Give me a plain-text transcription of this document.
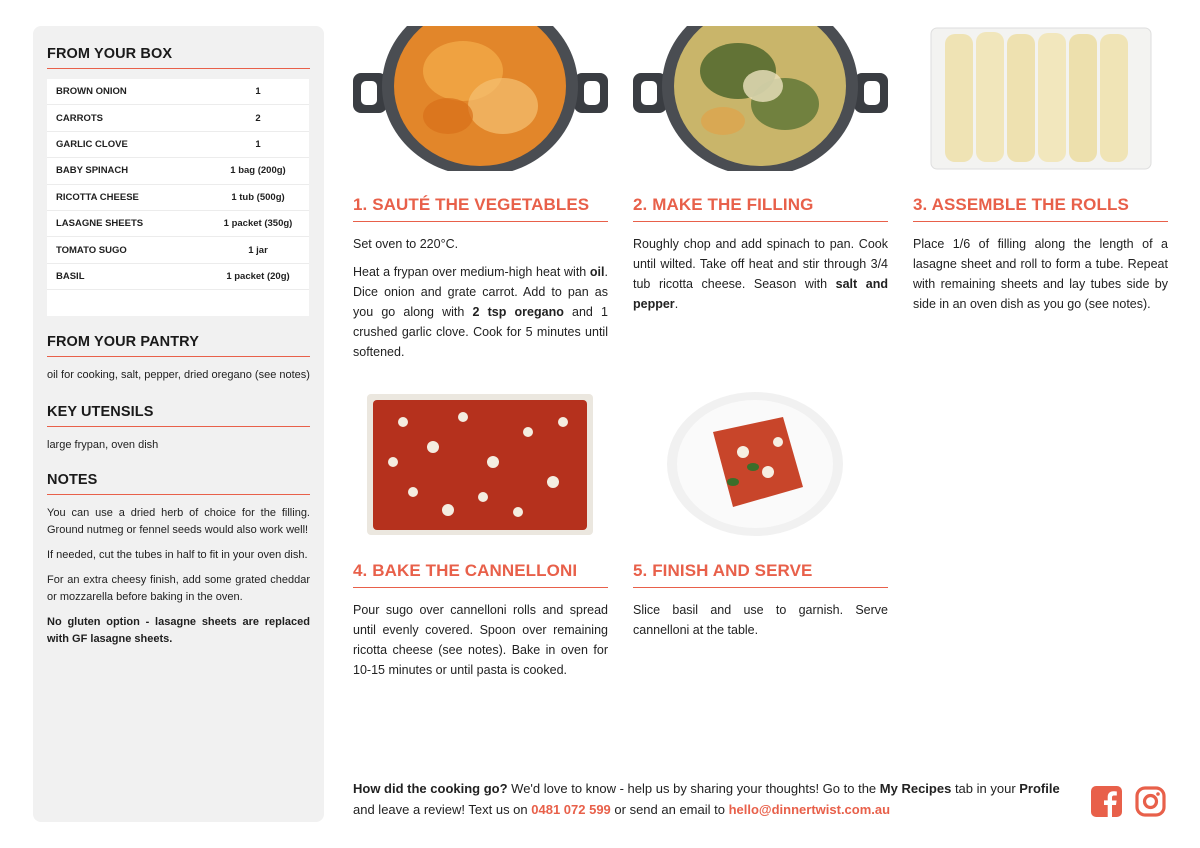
FROM YOUR BOX
BROWN ONION	1
CARROTS	2
GARLIC CLOVE	1
BABY SPINACH	1 bag (200g)
RICOTTA CHEESE	1 tub (500g)
LASAGNE SHEETS	1 packet (350g)
TOMATO SUGO	1 jar
BASIL	1 packet (20g)
FROM YOUR PANTRY
oil for cooking, salt, pepper, dried oregano (see notes)
KEY UTENSILS
large frypan, oven dish
NOTES

You can use a dried herb of choice for the filling. Ground nutmeg or fennel seeds would also work well!

If needed, cut the tubes in half to fit in your oven dish.

For an extra cheesy finish, add some grated cheddar or mozzarella before baking in the oven.

No gluten option - lasagne sheets are replaced with GF lasagne sheets.

1. SAUTÉ THE VEGETABLES

Set oven to 220°C.

Heat a frypan over medium-high heat with oil. Dice onion and grate carrot. Add to pan as you go along with 2 tsp oregano and 1 crushed garlic clove. Cook for 5 minutes until softened.

2. MAKE THE FILLING

Roughly chop and add spinach to pan. Cook until wilted. Take off heat and stir through 3/4 tub ricotta cheese. Season with salt and pepper.

3. ASSEMBLE THE ROLLS

Place 1/6 of filling along the length of a lasagne sheet and roll to form a tube. Repeat with remaining sheets and lay tubes side by side in an oven dish as you go (see notes).

4. BAKE THE CANNELLONI

Pour sugo over cannelloni rolls and spread until evenly covered. Spoon over remaining ricotta cheese (see notes). Bake in oven for 10-15 minutes or until pasta is cooked.

5. FINISH AND SERVE

Slice basil and use to garnish. Serve cannelloni at the table.

How did the cooking go? We'd love to know - help us by sharing your thoughts! Go to the My Recipes tab in your Profile and leave a review! Text us on 0481 072 599 or send an email to hello@dinnertwist.com.au
